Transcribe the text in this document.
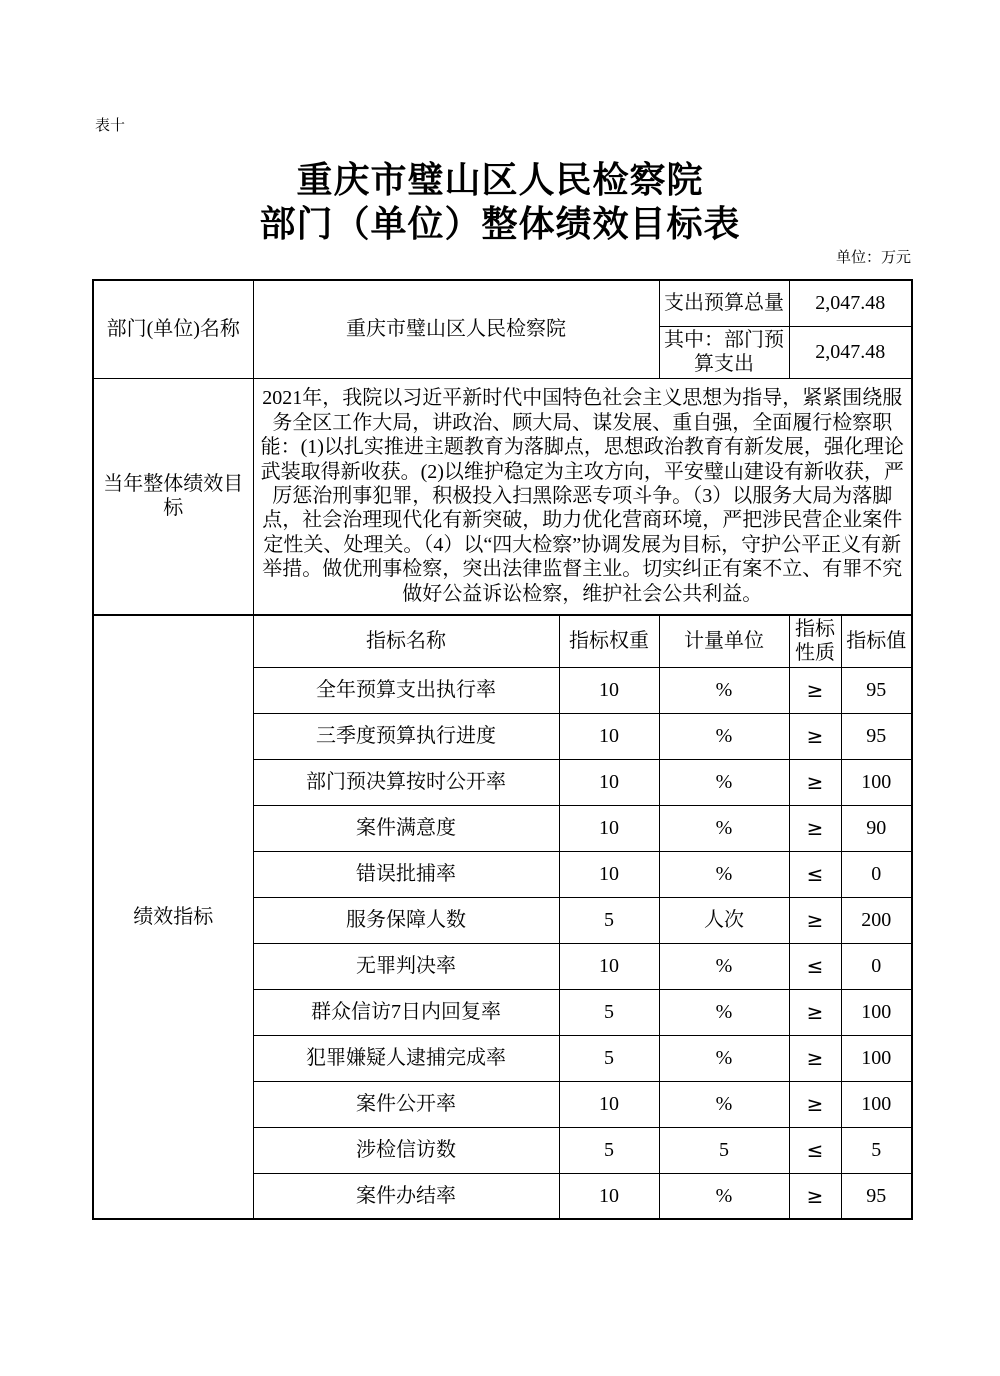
表十
重庆市璧山区人民检察院
部门（单位）整体绩效目标表
单位：万元
部门(单位)名称	重庆市璧山区人民检察院		支出预算总量	2,047.48	
			其中：部门预算支出	2,047.48	
当年整体绩效目标	2021年，我院以习近平新时代中国特色社会主义思想为指导，紧紧围绕服务全区工作大局，讲政治、顾大局、谋发展、重自强，全面履行检察职能：(1)以扎实推进主题教育为落脚点，思想政治教育有新发展，强化理论武装取得新收获。(2)以维护稳定为主攻方向，平安璧山建设有新收获，严厉惩治刑事犯罪，积极投入扫黑除恶专项斗争。（3）以服务大局为落脚点，社会治理现代化有新突破，助力优化营商环境，严把涉民营企业案件定性关、处理关。（4）以“四大检察”协调发展为目标，守护公平正义有新举措。做优刑事检察，突出法律监督主业。切实纠正有案不立、有罪不究做好公益诉讼检察，维护社会公共利益。				
绩效指标	指标名称	指标权重	计量单位	指标性质	指标值
	全年预算支出执行率	10	%	≥	95
	三季度预算执行进度	10	%	≥	95
	部门预决算按时公开率	10	%	≥	100
	案件满意度	10	%	≥	90
	错误批捕率	10	%	≤	0
	服务保障人数	5	人次	≥	200
	无罪判决率	10	%	≤	0
	群众信访7日内回复率	5	%	≥	100
	犯罪嫌疑人逮捕完成率	5	%	≥	100
	案件公开率	10	%	≥	100
	涉检信访数	5	5	≤	5
	案件办结率	10	%	≥	95
